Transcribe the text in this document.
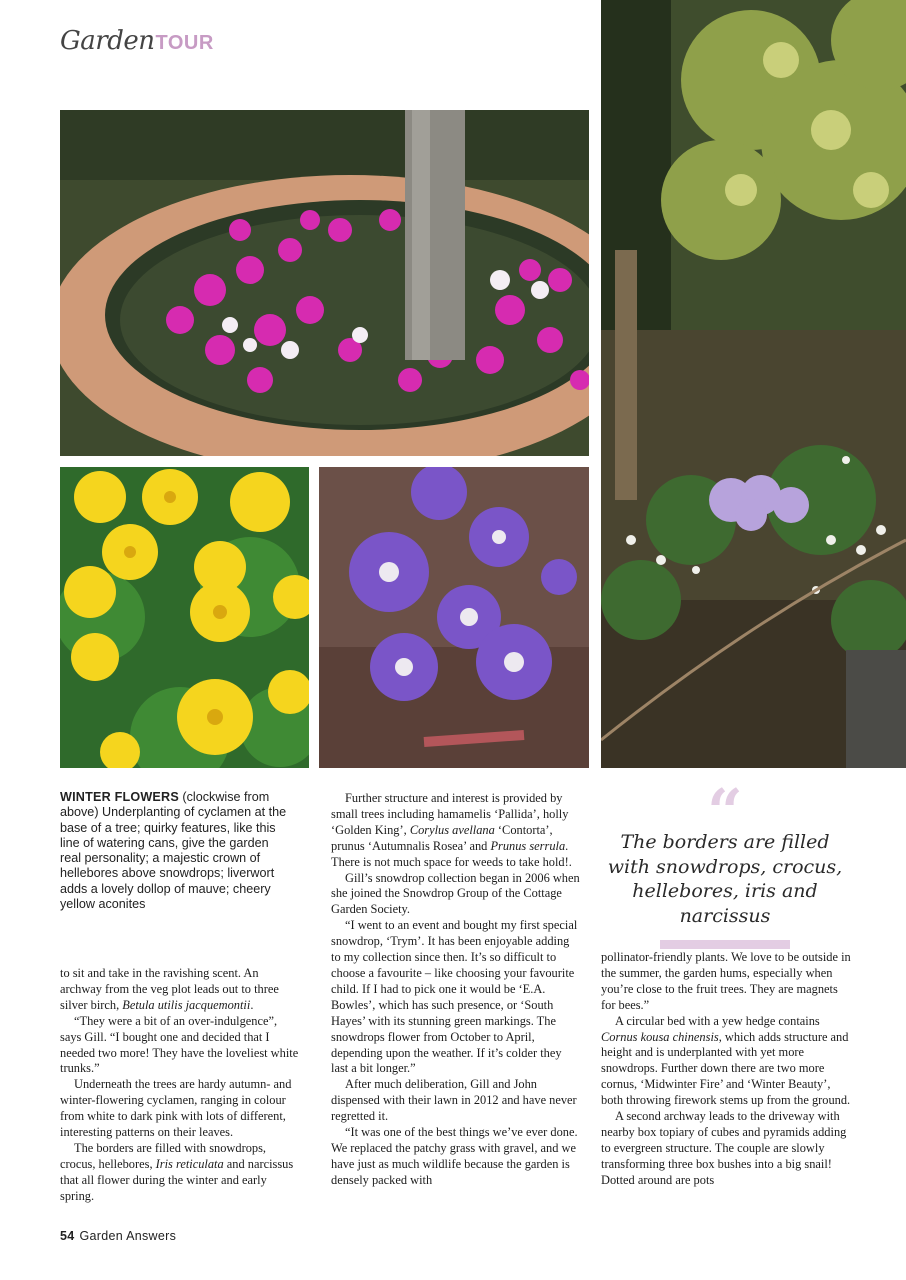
Garden TOUR
WINTER FLOWERS (clockwise from above) Underplanting of cyclamen at the base of a tree; quirky features, like this line of watering cans, give the garden real personality; a majestic crown of hellebores above snowdrops; liverwort adds a lovely dollop of mauve; cheery yellow aconites

to sit and take in the ravishing scent. An archway from the veg plot leads out to three silver birch, Betula utilis jacquemontii.

“They were a bit of an over-indulgence”, says Gill. “I bought one and decided that I needed two more! They have the loveliest white trunks.”

Underneath the trees are hardy autumn- and winter-flowering cyclamen, ranging in colour from white to dark pink with lots of different, interesting patterns on their leaves.

The borders are filled with snowdrops, crocus, hellebores, Iris reticulata and narcissus that all flower during the winter and early spring.

Further structure and interest is provided by small trees including hamamelis ‘Pallida’, holly ‘Golden King’, Corylus avellana ‘Contorta’, prunus ‘Autumnalis Rosea’ and Prunus serrula. There is not much space for weeds to take hold!.

Gill’s snowdrop collection began in 2006 when she joined the Snowdrop Group of the Cottage Garden Society.

“I went to an event and bought my first special snowdrop, ‘Trym’. It has been enjoyable adding to my collection since then. It’s so difficult to choose a favourite – like choosing your favourite child. If I had to pick one it would be ‘E.A. Bowles’, which has such presence, or ‘South Hayes’ with its stunning green markings. The snowdrops flower from October to April, depending upon the weather. If it’s colder they last a bit longer.”

After much deliberation, Gill and John dispensed with their lawn in 2012 and have never regretted it.

“It was one of the best things we’ve ever done. We replaced the patchy grass with gravel, and we have just as much wildlife because the garden is densely packed with

“
The borders are filled with snowdrops, crocus, hellebores, iris and narcissus

pollinator-friendly plants. We love to be outside in the summer, the garden hums, especially when you’re close to the fruit trees. They are magnets for bees.”

A circular bed with a yew hedge contains Cornus kousa chinensis, which adds structure and height and is underplanted with yet more snowdrops. Further down there are two more cornus, ‘Midwinter Fire’ and ‘Winter Beauty’, both throwing firework stems up from the ground.

A second archway leads to the driveway with nearby box topiary of cubes and pyramids adding to evergreen structure. The couple are slowly transforming three box bushes into a big snail! Dotted around are pots

54 Garden Answers
